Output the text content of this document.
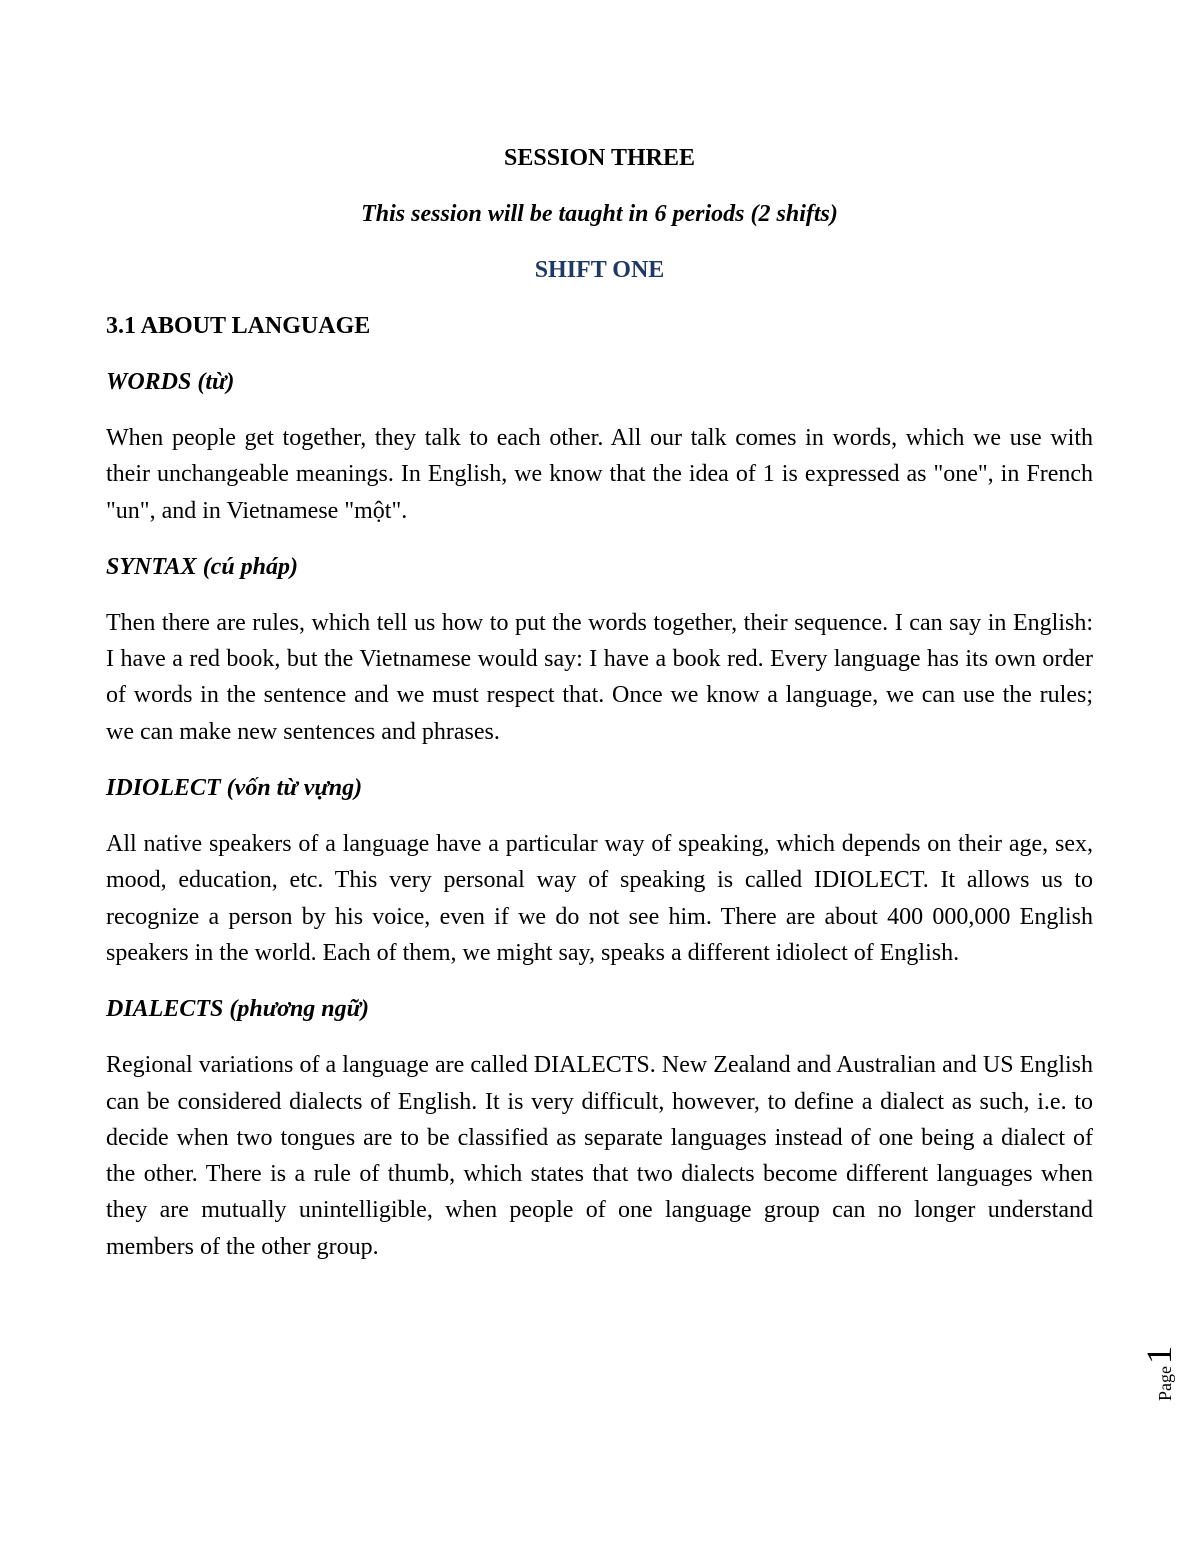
SESSION THREE

This session will be taught in 6 periods (2 shifts)

SHIFT ONE

3.1 ABOUT LANGUAGE

WORDS (từ)

When people get together, they talk to each other. All our talk comes in words, which we use with their unchangeable meanings. In English, we know that the idea of 1 is expressed as "one", in French "un", and in Vietnamese "một".

SYNTAX (cú pháp)

Then there are rules, which tell us how to put the words together, their sequence. I can say in English: I have a red book, but the Vietnamese would say: I have a book red. Every language has its own order of words in the sentence and we must respect that. Once we know a language, we can use the rules; we can make new sentences and phrases.

IDIOLECT (vốn từ vựng)

All native speakers of a language have a particular way of speaking, which depends on their age, sex, mood, education, etc. This very personal way of speaking is called IDIOLECT. It allows us to recognize a person by his voice, even if we do not see him. There are about 400 000,000 English speakers in the world. Each of them, we might say, speaks a different idiolect of English.

DIALECTS (phương ngữ)

Regional variations of a language are called DIALECTS. New Zealand and Australian and US English can be considered dialects of English. It is very difficult, however, to define a dialect as such, i.e. to decide when two tongues are to be classified as separate languages instead of one being a dialect of the other. There is a rule of thumb, which states that two dialects become different languages when they are mutually unintelligible, when people of one language group can no longer understand members of the other group.

Page1
